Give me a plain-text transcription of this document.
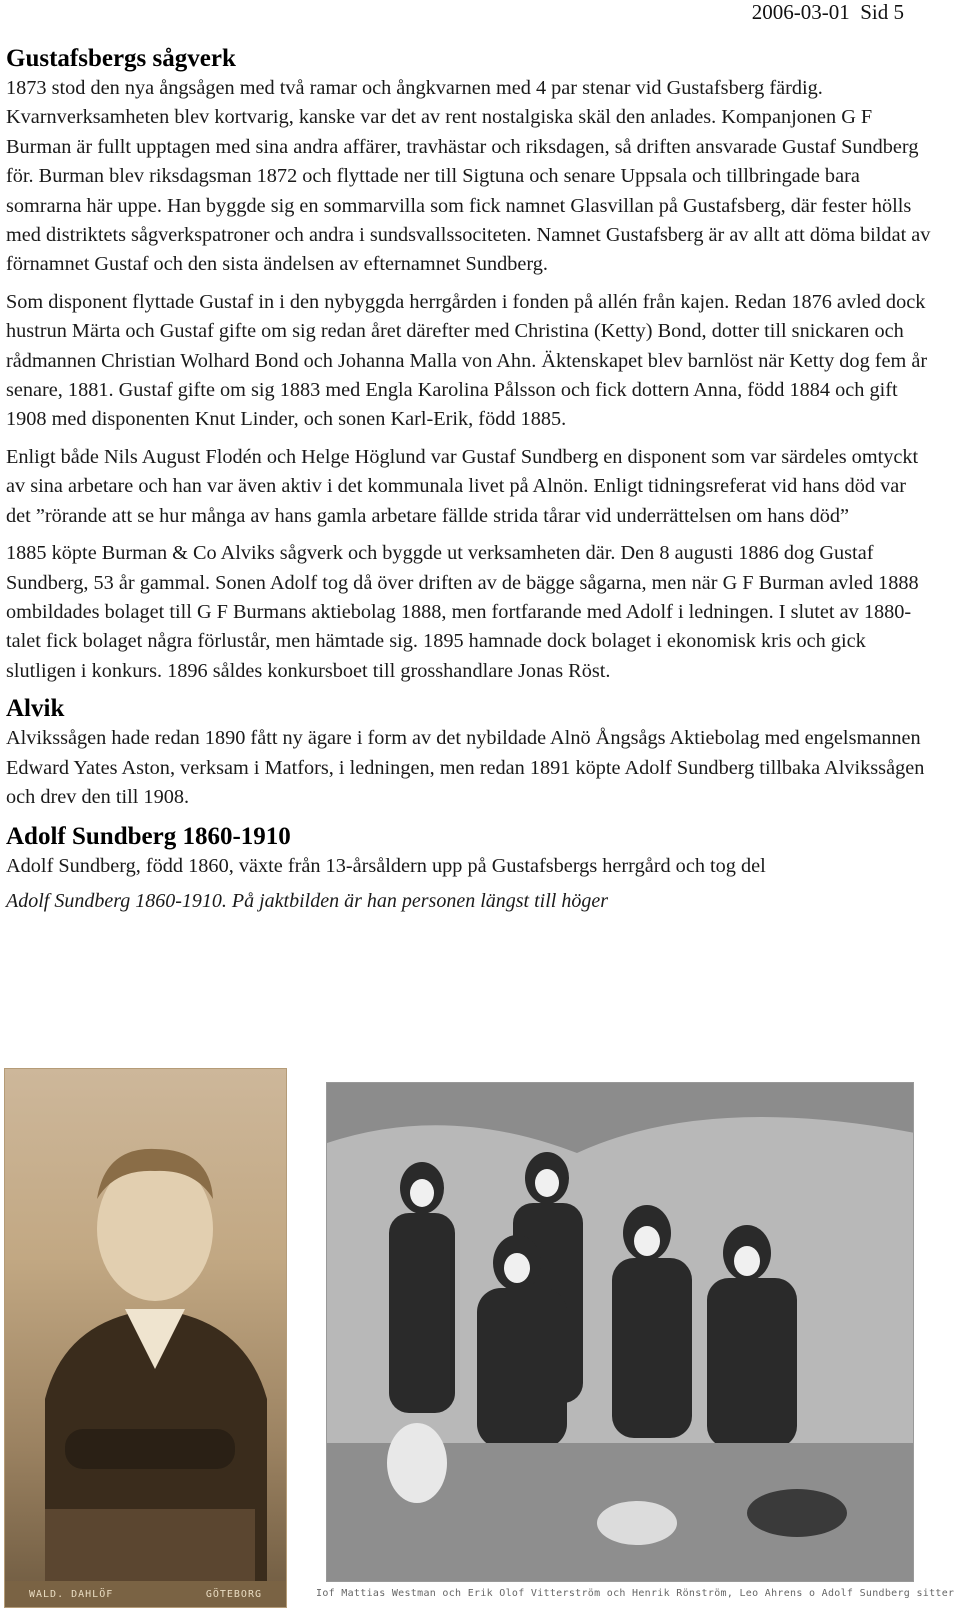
2006-03-01 Sid 5
Gustafsbergs sågverk

1873 stod den nya ångsågen med två ramar och ångkvarnen med 4 par stenar vid Gustafsberg färdig. Kvarnverksamheten blev kortvarig, kanske var det av rent nostalgiska skäl den anlades. Kompanjonen G F Burman är fullt upptagen med sina andra affärer, travhästar och riksdagen, så driften ansvarade Gustaf Sundberg för. Burman blev riksdagsman 1872 och flyttade ner till Sigtuna och senare Uppsala och tillbringade bara somrarna här uppe. Han byggde sig en sommarvilla som fick namnet Glasvillan på Gustafsberg, där fester hölls med distriktets sågverkspatroner och andra i sundsvallssociteten. Namnet Gustafsberg är av allt att döma bildat av förnamnet Gustaf och den sista ändelsen av efternamnet Sundberg.

Som disponent flyttade Gustaf in i den nybyggda herrgården i fonden på allén från kajen. Redan 1876 avled dock hustrun Märta och Gustaf gifte om sig redan året därefter med Christina (Ketty) Bond, dotter till snickaren och rådmannen Christian Wolhard Bond och Johanna Malla von Ahn. Äktenskapet blev barnlöst när Ketty dog fem år senare, 1881. Gustaf gifte om sig 1883 med Engla Karolina Pålsson och fick dottern Anna, född 1884 och gift 1908 med disponenten Knut Linder, och sonen Karl-Erik, född 1885.

Enligt både Nils August Flodén och Helge Höglund var Gustaf Sundberg en disponent som var särdeles omtyckt av sina arbetare och han var även aktiv i det kommunala livet på Alnön. Enligt tidningsreferat vid hans död var det ”rörande att se hur många av hans gamla arbetare fällde strida tårar vid underrättelsen om hans död”

1885 köpte Burman & Co Alviks sågverk och byggde ut verksamheten där. Den 8 augusti 1886 dog Gustaf Sundberg, 53 år gammal. Sonen Adolf tog då över driften av de bägge sågarna, men när G F Burman avled 1888 ombildades bolaget till G F Burmans aktiebolag 1888, men fortfarande med Adolf i ledningen. I slutet av 1880-talet fick bolaget några förlustår, men hämtade sig. 1895 hamnade dock bolaget i ekonomisk kris och gick slutligen i konkurs. 1896 såldes konkursboet till grosshandlare Jonas Röst.

Alvik

Alvikssågen hade redan 1890 fått ny ägare i form av det nybildade Alnö Ångsågs Aktiebolag med engelsmannen Edward Yates Aston, verksam i Matfors, i ledningen, men redan 1891 köpte Adolf Sundberg tillbaka Alvikssågen och drev den till 1908.

Adolf Sundberg 1860-1910

Adolf Sundberg, född 1860, växte från 13-årsåldern upp på Gustafsbergs herrgård och tog del

Adolf Sundberg 1860-1910. På jaktbilden är han personen längst till höger

WALD. DAHLÖF	GÖTEBORG	Iof Mattias Westman och Erik Olof Vitterström och Henrik Rönström, Leo Ahrens o Adolf Sundberg sitter
